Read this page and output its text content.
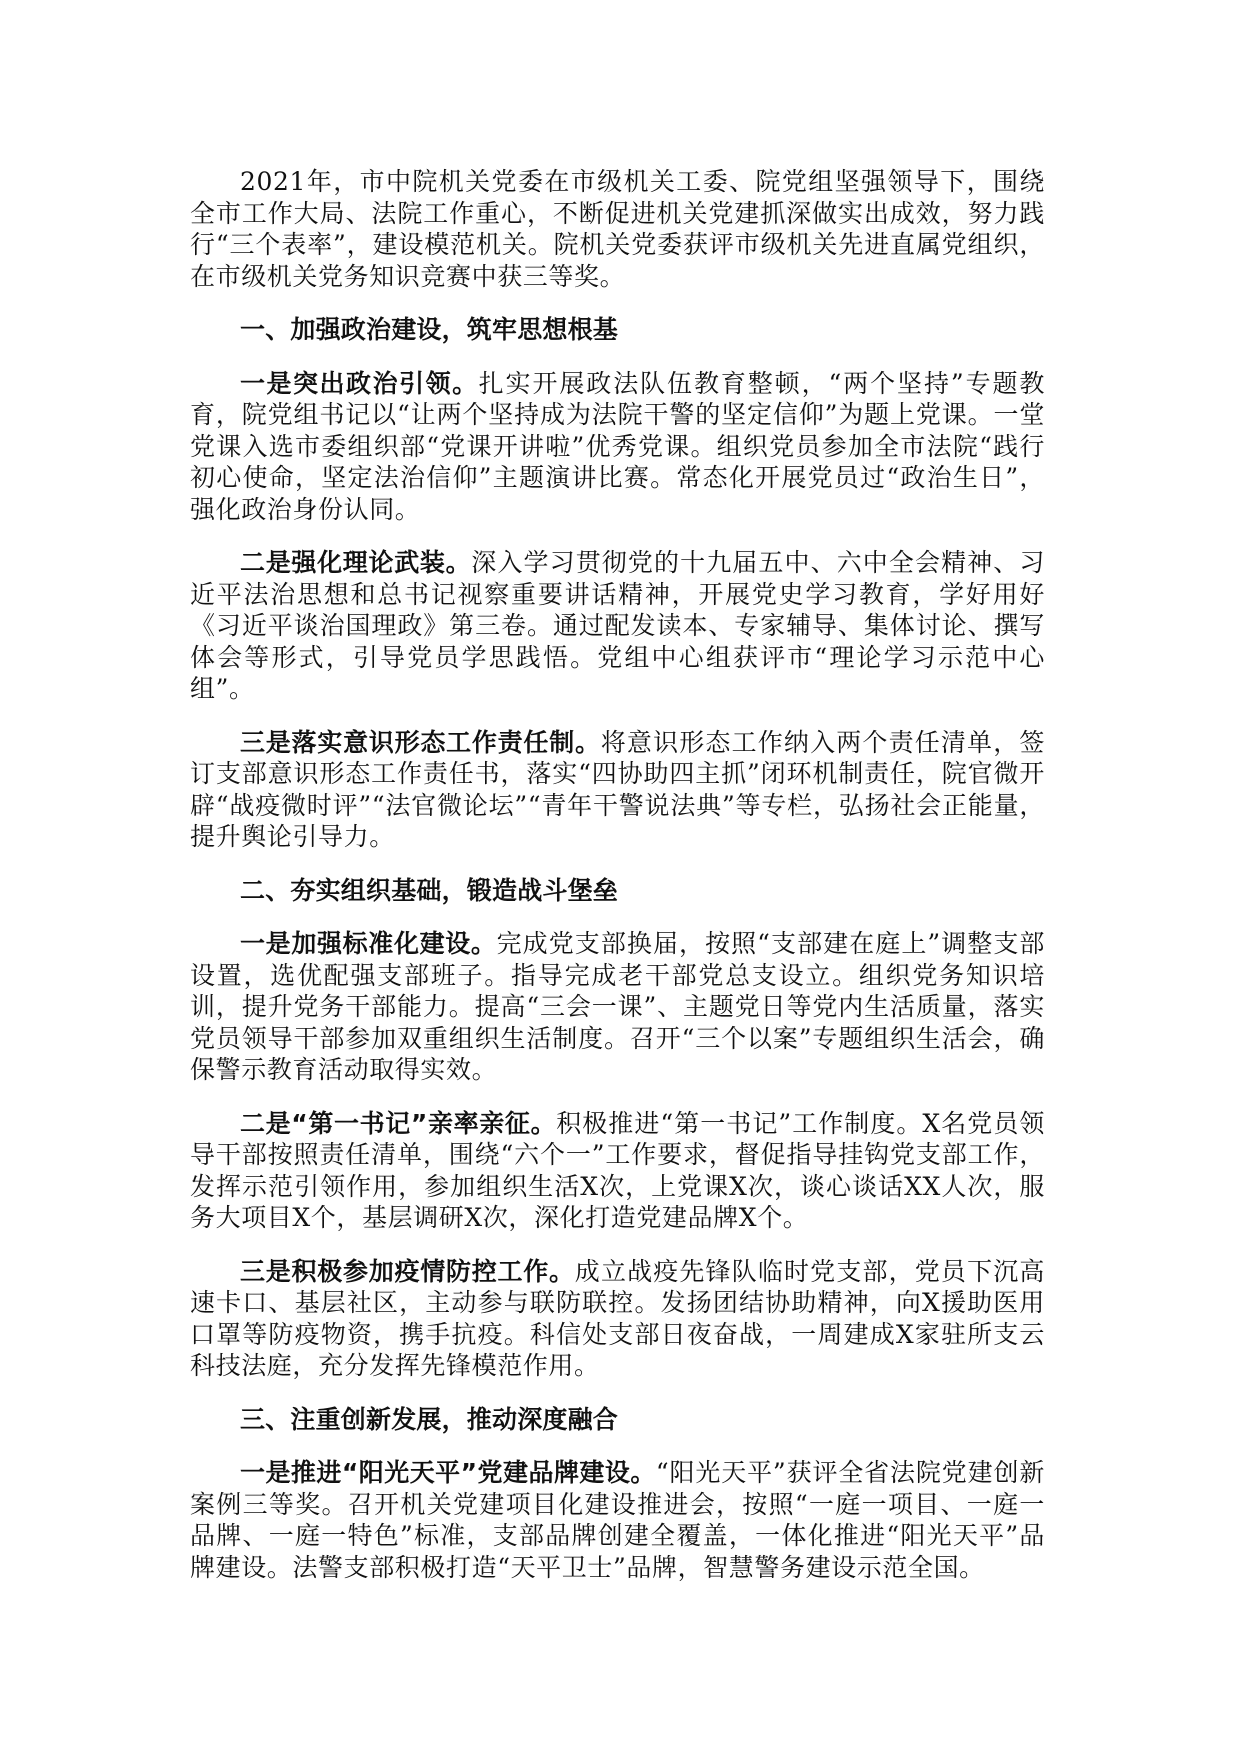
2021年，市中院机关党委在市级机关工委、院党组坚强领导下，围绕全市工作大局、法院工作重心，不断促进机关党建抓深做实出成效，努力践行“三个表率”，建设模范机关。院机关党委获评市级机关先进直属党组织，在市级机关党务知识竞赛中获三等奖。

一、加强政治建设，筑牢思想根基

一是突出政治引领。扎实开展政法队伍教育整顿，“两个坚持”专题教育，院党组书记以“让两个坚持成为法院干警的坚定信仰”为题上党课。一堂党课入选市委组织部“党课开讲啦”优秀党课。组织党员参加全市法院“践行初心使命，坚定法治信仰”主题演讲比赛。常态化开展党员过“政治生日”，强化政治身份认同。

二是强化理论武装。深入学习贯彻党的十九届五中、六中全会精神、习近平法治思想和总书记视察重要讲话精神，开展党史学习教育，学好用好《习近平谈治国理政》第三卷。通过配发读本、专家辅导、集体讨论、撰写体会等形式，引导党员学思践悟。党组中心组获评市“理论学习示范中心组”。

三是落实意识形态工作责任制。将意识形态工作纳入两个责任清单，签订支部意识形态工作责任书，落实“四协助四主抓”闭环机制责任，院官微开辟“战疫微时评”“法官微论坛”“青年干警说法典”等专栏，弘扬社会正能量，提升舆论引导力。

二、夯实组织基础，锻造战斗堡垒

一是加强标准化建设。完成党支部换届，按照“支部建在庭上”调整支部设置，选优配强支部班子。指导完成老干部党总支设立。组织党务知识培训，提升党务干部能力。提高“三会一课”、主题党日等党内生活质量，落实党员领导干部参加双重组织生活制度。召开“三个以案”专题组织生活会，确保警示教育活动取得实效。

二是“第一书记”亲率亲征。积极推进“第一书记”工作制度。X名党员领导干部按照责任清单，围绕“六个一”工作要求，督促指导挂钩党支部工作，发挥示范引领作用，参加组织生活X次，上党课X次，谈心谈话XX人次，服务大项目X个，基层调研X次，深化打造党建品牌X个。

三是积极参加疫情防控工作。成立战疫先锋队临时党支部，党员下沉高速卡口、基层社区，主动参与联防联控。发扬团结协助精神，向X援助医用口罩等防疫物资，携手抗疫。科信处支部日夜奋战，一周建成X家驻所支云科技法庭，充分发挥先锋模范作用。

三、注重创新发展，推动深度融合

一是推进“阳光天平”党建品牌建设。“阳光天平”获评全省法院党建创新案例三等奖。召开机关党建项目化建设推进会，按照“一庭一项目、一庭一品牌、一庭一特色”标准，支部品牌创建全覆盖，一体化推进“阳光天平”品牌建设。法警支部积极打造“天平卫士”品牌，智慧警务建设示范全国。
